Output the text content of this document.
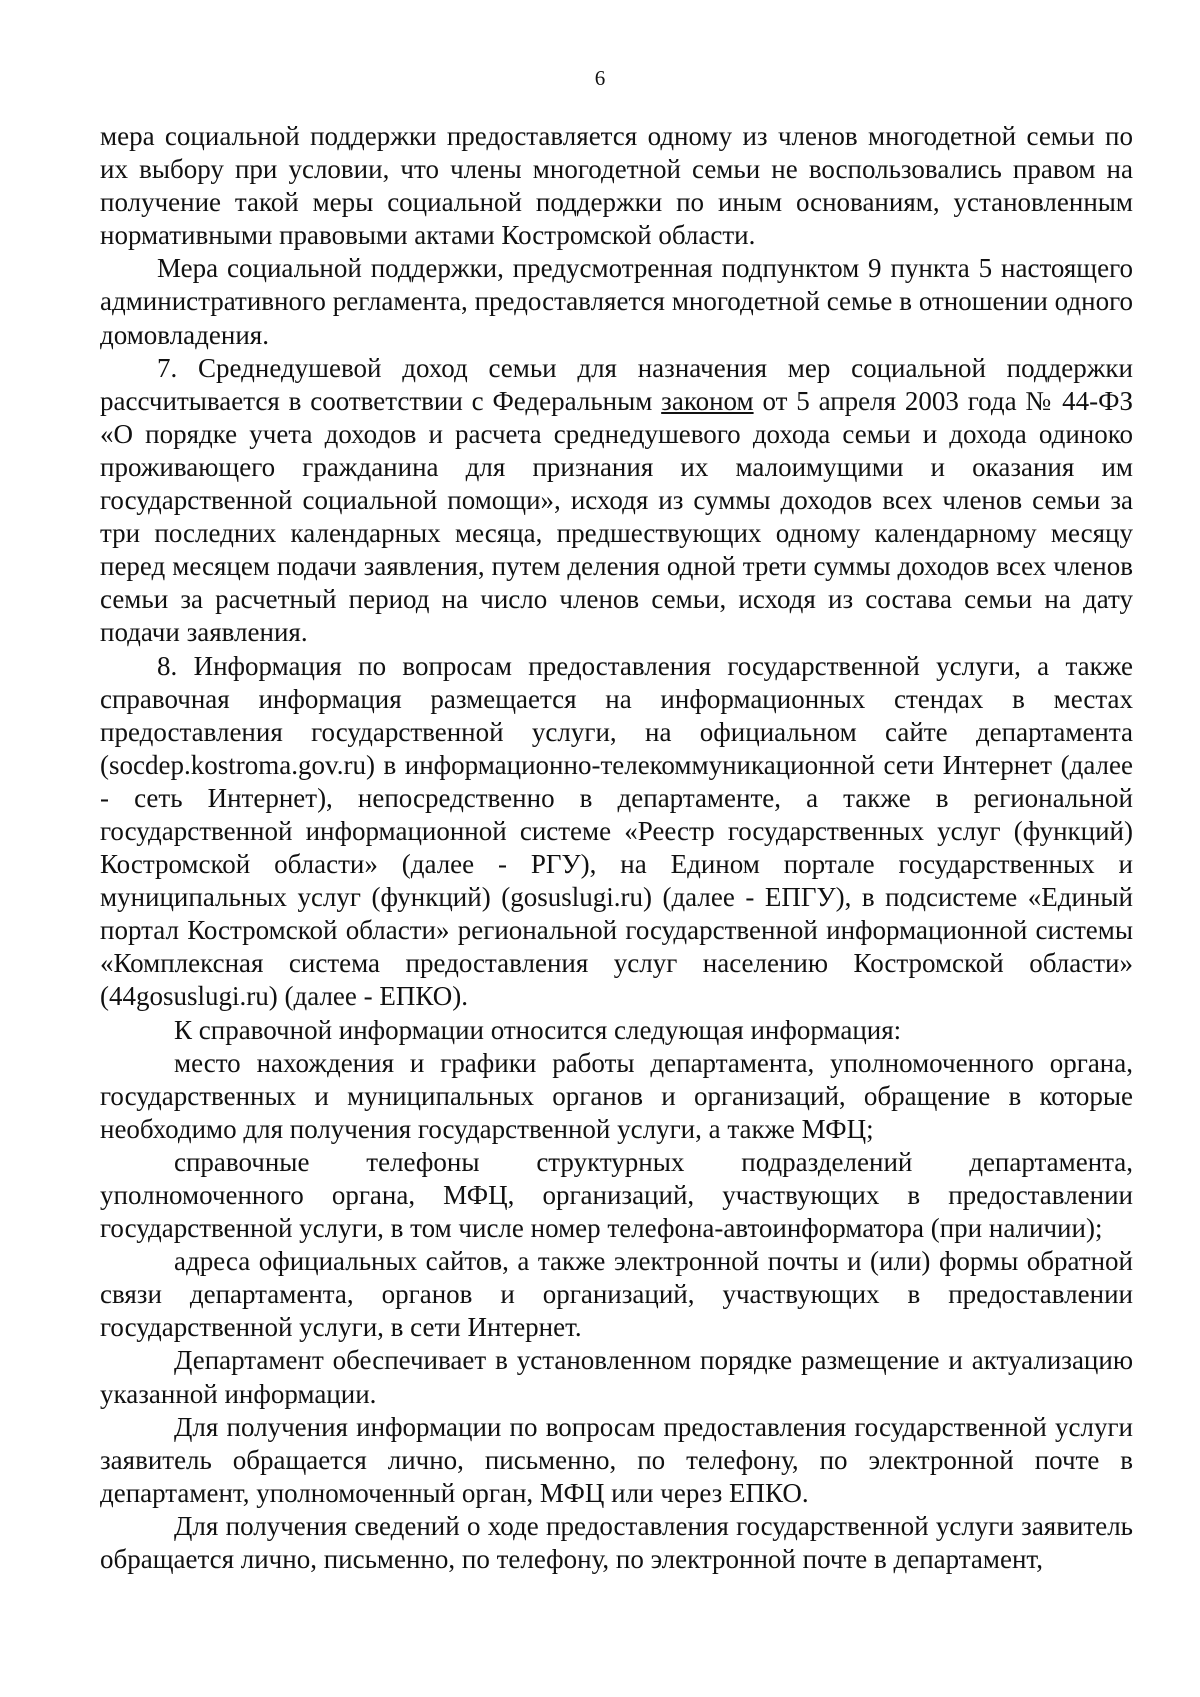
6

мера социальной поддержки предоставляется одному из членов многодетной семьи по их выбору при условии, что члены многодетной семьи не воспользовались правом на получение такой меры социальной поддержки по иным основаниям, установленным нормативными правовыми актами Костромской области.

Мера социальной поддержки, предусмотренная подпунктом 9 пункта 5 настоящего административного регламента, предоставляется многодетной семье в отношении одного домовладения.

7. Среднедушевой доход семьи для назначения мер социальной поддержки рассчитывается в соответствии с Федеральным законом от 5 апреля 2003 года № 44-ФЗ «О порядке учета доходов и расчета среднедушевого дохода семьи и дохода одиноко проживающего гражданина для признания их малоимущими и оказания им государственной социальной помощи», исходя из суммы доходов всех членов семьи за три последних календарных месяца, предшествующих одному календарному месяцу перед месяцем подачи заявления, путем деления одной трети суммы доходов всех членов семьи за расчетный период на число членов семьи, исходя из состава семьи на дату подачи заявления.

8. Информация по вопросам предоставления государственной услуги, а также справочная информация размещается на информационных стендах в местах предоставления государственной услуги, на официальном сайте департамента (socdep.kostroma.gov.ru) в информационно-телекоммуникационной сети Интернет (далее - сеть Интернет), непосредственно в департаменте, а также в региональной государственной информационной системе «Реестр государственных услуг (функций) Костромской области» (далее - РГУ), на Едином портале государственных и муниципальных услуг (функций) (gosuslugi.ru) (далее - ЕПГУ), в подсистеме «Единый портал Костромской области» региональной государственной информационной системы «Комплексная система предоставления услуг населению Костромской области» (44gosuslugi.ru) (далее - ЕПКО).

К справочной информации относится следующая информация:

место нахождения и графики работы департамента, уполномоченного органа, государственных и муниципальных органов и организаций, обращение в которые необходимо для получения государственной услуги, а также МФЦ;

справочные телефоны структурных подразделений департамента, уполномоченного органа, МФЦ, организаций, участвующих в предоставлении государственной услуги, в том числе номер телефона-автоинформатора (при наличии);

адреса официальных сайтов, а также электронной почты и (или) формы обратной связи департамента, органов и организаций, участвующих в предоставлении государственной услуги, в сети Интернет.

Департамент обеспечивает в установленном порядке размещение и актуализацию указанной информации.

Для получения информации по вопросам предоставления государственной услуги заявитель обращается лично, письменно, по телефону, по электронной почте в департамент, уполномоченный орган, МФЦ или через ЕПКО.

Для получения сведений о ходе предоставления государственной услуги заявитель обращается лично, письменно, по телефону, по электронной почте в департамент,
